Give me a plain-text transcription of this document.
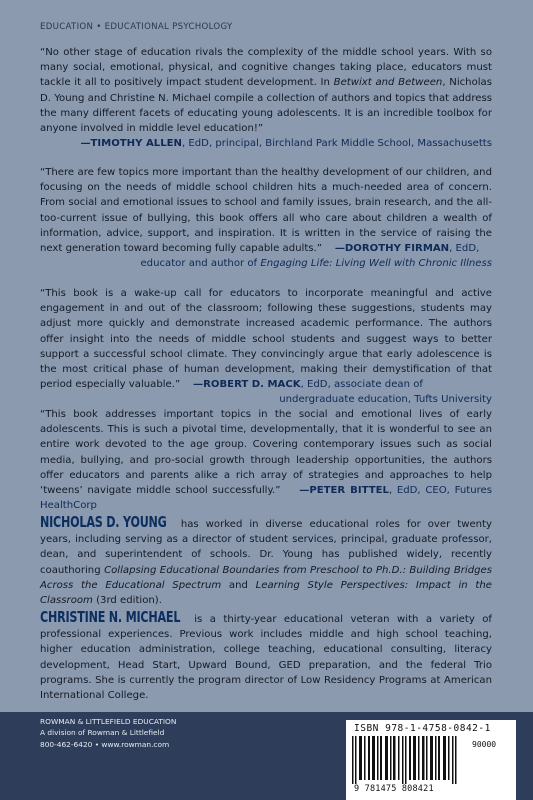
EDUCATION • EDUCATIONAL PSYCHOLOGY

“No other stage of education rivals the complexity of the middle school years. With so many social, emotional, physical, and cognitive changes taking place, educators must tackle it all to positively impact student development. In Betwixt and Between, Nicholas D. Young and Christine N. Michael compile a collection of authors and topics that address the many different facets of educating young adolescents. It is an incredible toolbox for anyone involved in middle level education!”
—TIMOTHY ALLEN, EdD, principal, Birchland Park Middle School, Massachusetts

“There are few topics more important than the healthy development of our children, and focusing on the needs of middle school children hits a much-needed area of concern. From social and emotional issues to school and family issues, brain research, and the all-too-current issue of bullying, this book offers all who care about children a wealth of information, advice, support, and inspiration. It is written in the service of raising the next generation toward becoming fully capable adults.” —DOROTHY FIRMAN, EdD,
educator and author of Engaging Life: Living Well with Chronic Illness

“This book is a wake-up call for educators to incorporate meaningful and active engagement in and out of the classroom; following these suggestions, students may adjust more quickly and demonstrate increased academic performance. The authors offer insight into the needs of middle school students and suggest ways to better support a successful school climate. They convincingly argue that early adolescence is the most critical phase of human development, making their demystification of that period especially valuable.” —ROBERT D. MACK, EdD, associate dean of
undergraduate education, Tufts University

“This book addresses important topics in the social and emotional lives of early adolescents. This is such a pivotal time, developmentally, that it is wonderful to see an entire work devoted to the age group. Covering contemporary issues such as social media, bullying, and pro-social growth through leadership opportunities, the authors offer educators and parents alike a rich array of strategies and approaches to help ‘tweens’ navigate middle school successfully.” —PETER BITTEL, EdD, CEO, Futures HealthCorp

NICHOLAS D. YOUNG has worked in diverse educational roles for over twenty years, including serving as a director of student services, principal, graduate professor, dean, and superintendent of schools. Dr. Young has published widely, recently coauthoring Collapsing Educational Boundaries from Preschool to Ph.D.: Building Bridges Across the Educational Spectrum and Learning Style Perspectives: Impact in the Classroom (3rd edition).

CHRISTINE N. MICHAEL is a thirty-year educational veteran with a variety of professional experiences. Previous work includes middle and high school teaching, higher education administration, college teaching, educational consulting, literacy development, Head Start, Upward Bound, GED preparation, and the federal Trio programs. She is currently the program director of Low Residency Programs at American International College.

ROWMAN & LITTLEFIELD EDUCATION
A division of Rowman & Littlefield
800-462-6420 • www.rowman.com
ISBN 978-1-4758-0842-1
90000
9 781475 808421
